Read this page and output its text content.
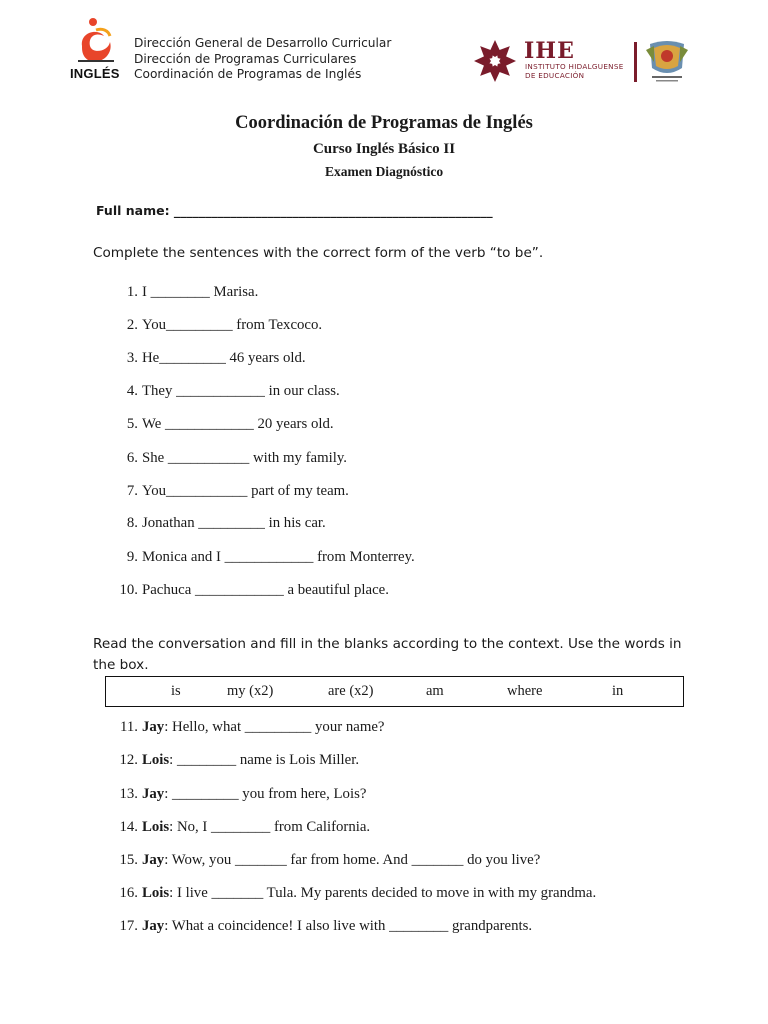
INGLÉS
Dirección General de Desarrollo Curricular
Dirección de Programas Curriculares
Coordinación de Programas de Inglés
IHE
INSTITUTO HIDALGUENSE
DE EDUCACIÓN
Coordinación de Programas de Inglés
Curso Inglés Básico II
Examen Diagnóstico
Full name: ___________________________________________________
Complete the sentences with the correct form of the verb “to be”.
1. I ________ Marisa.
2. You_________ from Texcoco.
3. He_________ 46 years old.
4. They ____________ in our class.
5. We ____________ 20 years old.
6. She ___________ with my family.
7. You___________ part of my team.
8. Jonathan _________ in his car.
9. Monica and I ____________ from Monterrey.
10. Pachuca ____________ a beautiful place.
Read the conversation and fill in the blanks according to the context. Use the words in the box.
is	my (x2)	are (x2)	am	where	in
11. Jay: Hello, what _________ your name?
12. Lois: ________ name is Lois Miller.
13. Jay: _________ you from here, Lois?
14. Lois: No, I ________ from California.
15. Jay: Wow, you _______ far from home. And _______ do you live?
16. Lois: I live _______ Tula. My parents decided to move in with my grandma.
17. Jay: What a coincidence! I also live with ________ grandparents.
